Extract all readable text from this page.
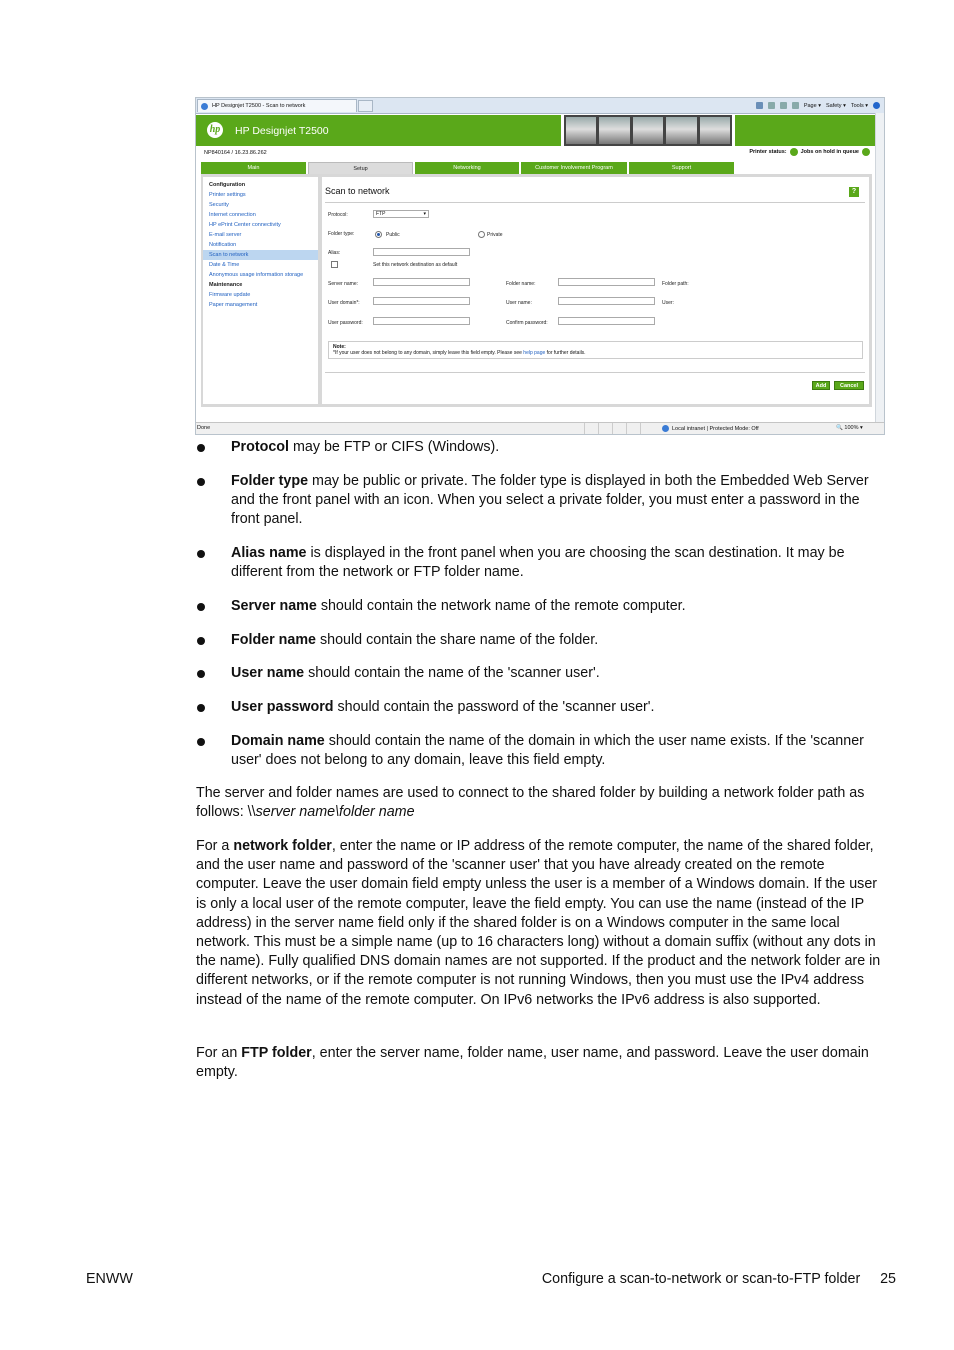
HP Designjet T2500 - Scan to network	Page ▾ Safety ▾ Tools ▾
hp HP Designjet T2500
NP840164 / 16.23.86.262	Printer status:	Jobs on hold in queue
Main	Setup	Networking	Customer Involvement Program	Support
Configuration
Printer settings
Security
Internet connection
HP ePrint Center connectivity
E-mail server
Notification
Scan to network
Date & Time
Anonymous usage information storage
Maintenance
Firmware update
Paper management
Scan to network	?
Protocol:	FTP	▾
Folder type:	Public	Private
Alias:
Set this network destination as default
Server name:	Folder name:	Folder path:
User domain*:	User name:	User:
User password:	Confirm password:
Note:
*If your user does not belong to any domain, simply leave this field empty. Please see help page for further details.
Add	Cancel
Done	Local intranet | Protected Mode: Off	🔍 100% ▾
Protocol may be FTP or CIFS (Windows).
Folder type may be public or private. The folder type is displayed in both the Embedded Web Server and the front panel with an icon. When you select a private folder, you must enter a password in the front panel.
Alias name is displayed in the front panel when you are choosing the scan destination. It may be different from the network or FTP folder name.
Server name should contain the network name of the remote computer.
Folder name should contain the share name of the folder.
User name should contain the name of the 'scanner user'.
User password should contain the password of the 'scanner user'.
Domain name should contain the name of the domain in which the user name exists. If the 'scanner user' does not belong to any domain, leave this field empty.
The server and folder names are used to connect to the shared folder by building a network folder path as follows: \\server name\folder name
For a network folder, enter the name or IP address of the remote computer, the name of the shared folder, and the user name and password of the 'scanner user' that you have already created on the remote computer. Leave the user domain field empty unless the user is a member of a Windows domain. If the user is only a local user of the remote computer, leave the field empty. You can use the name (instead of the IP address) in the server name field only if the shared folder is on a Windows computer in the same local network. This must be a simple name (up to 16 characters long) without a domain suffix (without any dots in the name). Fully qualified DNS domain names are not supported. If the product and the network folder are in different networks, or if the remote computer is not running Windows, then you must use the IPv4 address instead of the name of the remote computer. On IPv6 networks the IPv6 address is also supported.
For an FTP folder, enter the server name, folder name, user name, and password. Leave the user domain empty.
ENWW	Configure a scan-to-network or scan-to-FTP folder 25
